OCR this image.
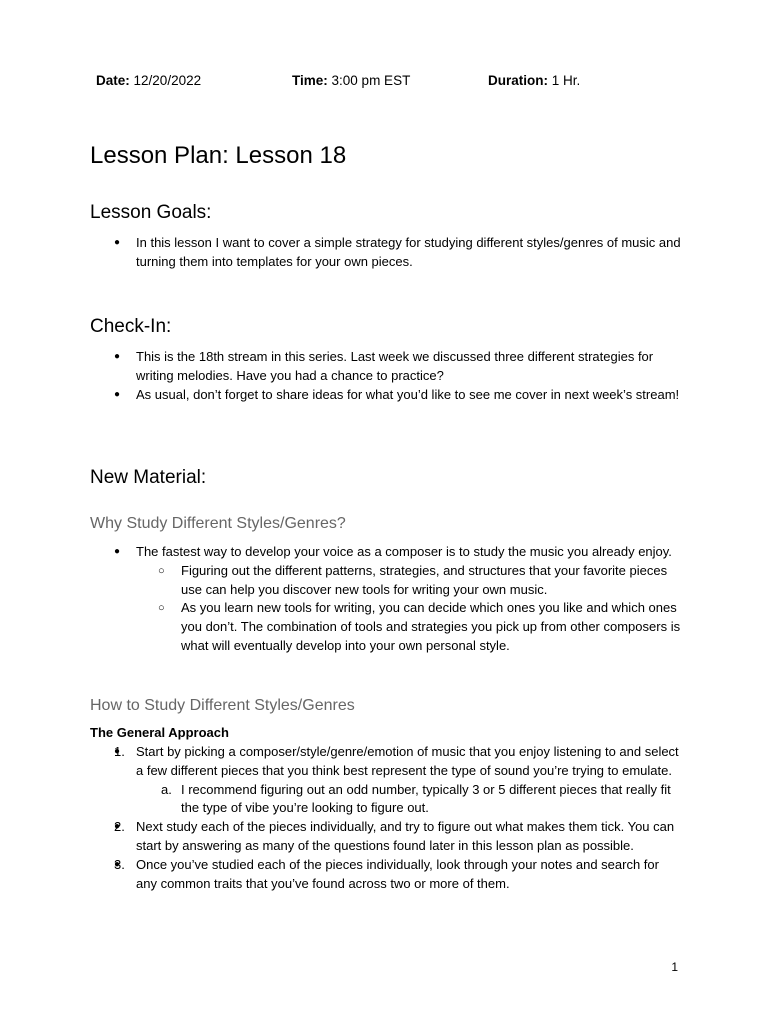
Date: 12/20/2022	Time: 3:00 pm EST	Duration: 1 Hr.
Lesson Plan: Lesson 18
Lesson Goals:
● In this lesson I want to cover a simple strategy for studying different styles/genres of music and turning them into templates for your own pieces.
Check-In:
● This is the 18th stream in this series. Last week we discussed three different strategies for writing melodies. Have you had a chance to practice?
● As usual, don’t forget to share ideas for what you’d like to see me cover in next week’s stream!
New Material:
Why Study Different Styles/Genres?
● The fastest way to develop your voice as a composer is to study the music you already enjoy.
○ Figuring out the different patterns, strategies, and structures that your favorite pieces use can help you discover new tools for writing your own music.
○ As you learn new tools for writing, you can decide which ones you like and which ones you don’t. The combination of tools and strategies you pick up from other composers is what will eventually develop into your own personal style.
How to Study Different Styles/Genres
The General Approach
● 1. Start by picking a composer/style/genre/emotion of music that you enjoy listening to and select a few different pieces that you think best represent the type of sound you’re trying to emulate.
a. I recommend figuring out an odd number, typically 3 or 5 different pieces that really fit the type of vibe you’re looking to figure out.
● 2. Next study each of the pieces individually, and try to figure out what makes them tick. You can start by answering as many of the questions found later in this lesson plan as possible.
● 3. Once you’ve studied each of the pieces individually, look through your notes and search for any common traits that you’ve found across two or more of them.
1
